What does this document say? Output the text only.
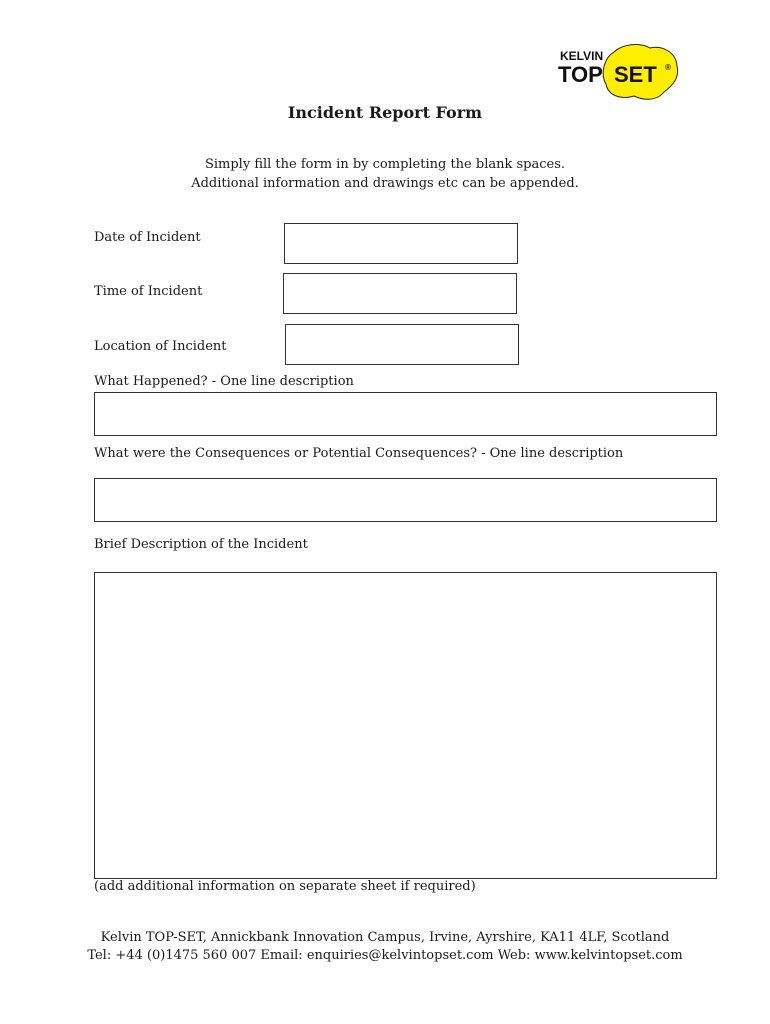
KELVIN
TOP SET ®
Incident Report Form
Simply fill the form in by completing the blank spaces.
Additional information and drawings etc can be appended.
Date of Incident
Time of Incident
Location of Incident
What Happened? - One line description
What were the Consequences or Potential Consequences? - One line description
Brief Description of the Incident
(add additional information on separate sheet if required)
Kelvin TOP-SET, Annickbank Innovation Campus, Irvine, Ayrshire, KA11 4LF, Scotland
Tel: +44 (0)1475 560 007 Email: enquiries@kelvintopset.com Web: www.kelvintopset.com
